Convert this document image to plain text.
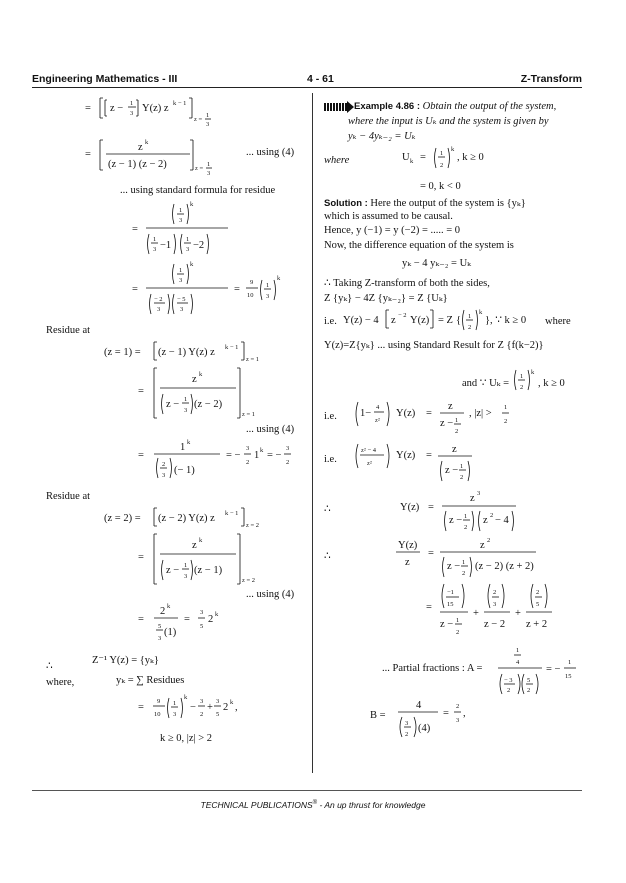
Engineering Mathematics - III	4 - 61	Z-Transform
= z − 1
3 Y(z) z k − 1
z =
1
3
=
z k
(z − 1) (z − 2)	z =
1
3
... using (4)
... using standard formula for residue
=
1
3
k
1
3 −1
1
3 −2
=
1
3
k
− 2
3
− 5
3
=
9
10
1
3
k
Residue at
(z = 1) = (z − 1) Y(z) z k − 1
z = 1
=
z k
z − 1
3
(z − 2)
z = 1
... using (4)
=
1 k
2
3 (− 1)
= −
3
2
1 k = −
3
2
Residue at
(z = 2) = (z − 2) Y(z) z k − 1
z = 2
=
z k
z − 1
3
(z − 1)
z = 2
... using (4)
=
2 k
5
3
(1)
=
3
5
2 k
∴
Z⁻¹ Y(z) = {yₖ}
where,	yₖ = ∑ Residues
=
9
10
1
3
k
−
3
2
+
3
5
2 k ,
k ≥ 0, |z| > 2
Example 4.86 : Obtain the output of the system,
where the input is Uₖ and the system is given by
yₖ − 4yₖ₋₂ = Uₖ
where	U k = 1
2
k
, k ≥ 0
= 0, k < 0
Solution : Here the output of the system is {yₖ}
which is assumed to be causal.
Hence, y (−1) = y (−2) = ..... = 0
Now, the difference equation of the system is
yₖ − 4 yₖ₋₂ = Uₖ
∴ Taking Z-transform of both the sides,
Z {yₖ} − 4Z {yₖ₋₂} = Z {Uₖ}
i.e. Y(z) − 4 z − 2 Y(z) = Z { 1
2
k
} , ∵ k ≥ 0 where
Y(z)=Z{yₖ} ... using Standard Result for Z {f(k−2)}
and ∵ Uₖ =
1
2
k
, k ≥ 0
i.e. 1−
4
z²
Y(z) =
z
z − 1
2
, |z| >
1
2
i.e.
z² − 4
z²
Y(z) =
z
z − 1
2
∴	Y(z) =
z 3
z − 1
2
z 2 − 4
∴
Y(z)
z
=
z 2
z − 1
2
(z − 2) (z + 2)
=
−1
15
z − 1
2
+
2
3
z − 2
+
2
5
z + 2
... Partial fractions : A =
1
4
− 3
2
5
2
= −
1
15
B =
4
3
2
(4)
=
2
3
,
TECHNICAL PUBLICATIONS® - An up thrust for knowledge
